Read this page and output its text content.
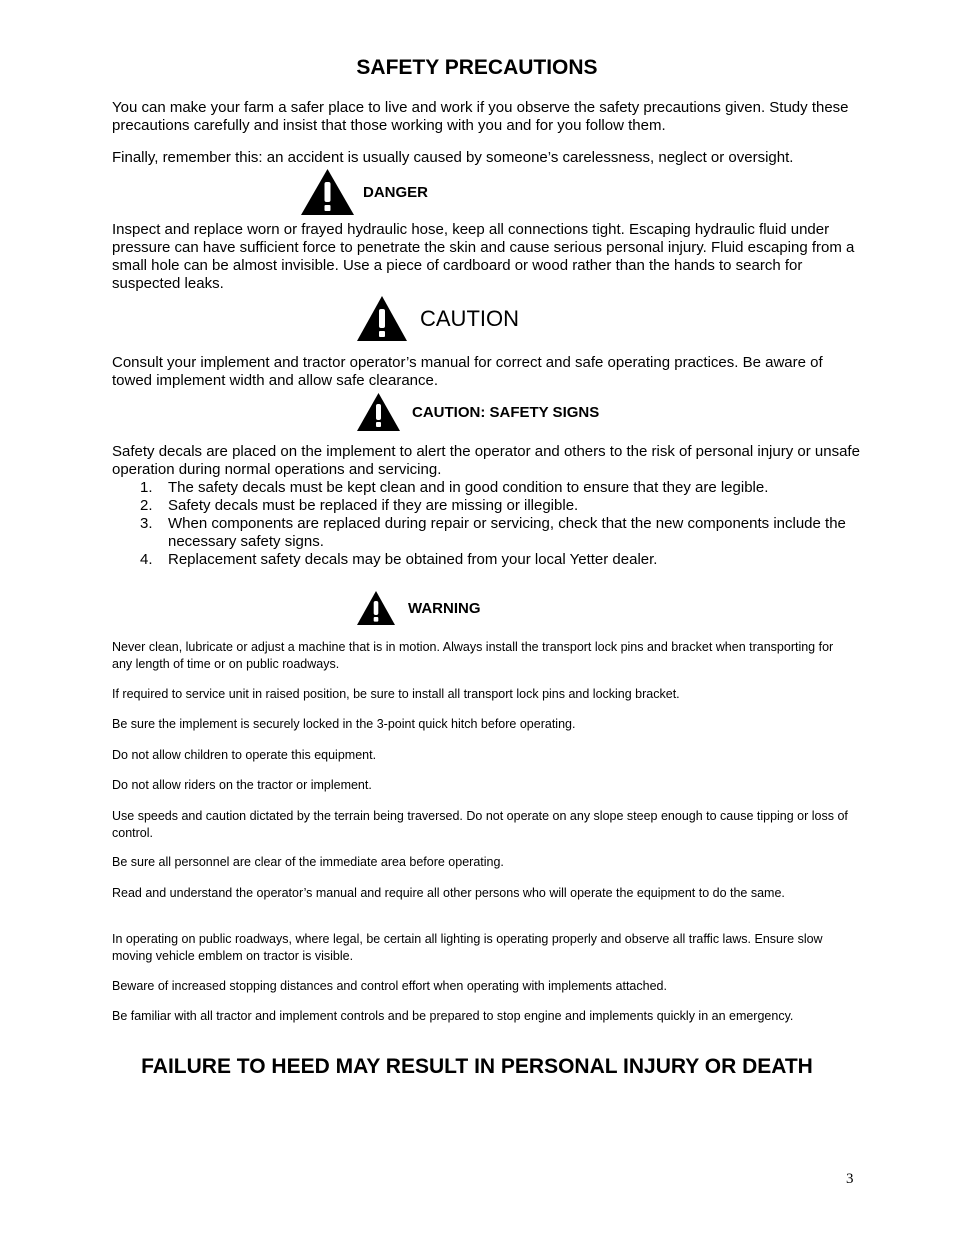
SAFETY PRECAUTIONS

You can make your farm a safer place to live and work if you observe the safety precautions given. Study these precautions carefully and insist that those working with you and for you follow them.

Finally, remember this: an accident is usually caused by someone’s carelessness, neglect or oversight.

DANGER

Inspect and replace worn or frayed hydraulic hose, keep all connections tight. Escaping hydraulic fluid under pressure can have sufficient force to penetrate the skin and cause serious personal injury. Fluid escaping from a small hole can be almost invisible. Use a piece of cardboard or wood rather than the hands to search for suspected leaks.

CAUTION

Consult your implement and tractor operator’s manual for correct and safe operating practices. Be aware of towed implement width and allow safe clearance.

CAUTION: SAFETY SIGNS

Safety decals are placed on the implement to alert the operator and others to the risk of personal injury or unsafe operation during normal operations and servicing.

1. The safety decals must be kept clean and in good condition to ensure that they are legible.
2. Safety decals must be replaced if they are missing or illegible.
3. When components are replaced during repair or servicing, check that the new components include the necessary safety signs.
4. Replacement safety decals may be obtained from your local Yetter dealer.
WARNING

Never clean, lubricate or adjust a machine that is in motion. Always install the transport lock pins and bracket when transporting for any length of time or on public roadways.

If required to service unit in raised position, be sure to install all transport lock pins and locking bracket.

Be sure the implement is securely locked in the 3-point quick hitch before operating.

Do not allow children to operate this equipment.

Do not allow riders on the tractor or implement.

Use speeds and caution dictated by the terrain being traversed. Do not operate on any slope steep enough to cause tipping or loss of control.

Be sure all personnel are clear of the immediate area before operating.

Read and understand the operator’s manual and require all other persons who will operate the equipment to do the same.

In operating on public roadways, where legal, be certain all lighting is operating properly and observe all traffic laws. Ensure slow moving vehicle emblem on tractor is visible.

Beware of increased stopping distances and control effort when operating with implements attached.

Be familiar with all tractor and implement controls and be prepared to stop engine and implements quickly in an emergency.

FAILURE TO HEED MAY RESULT IN PERSONAL INJURY OR DEATH
3
